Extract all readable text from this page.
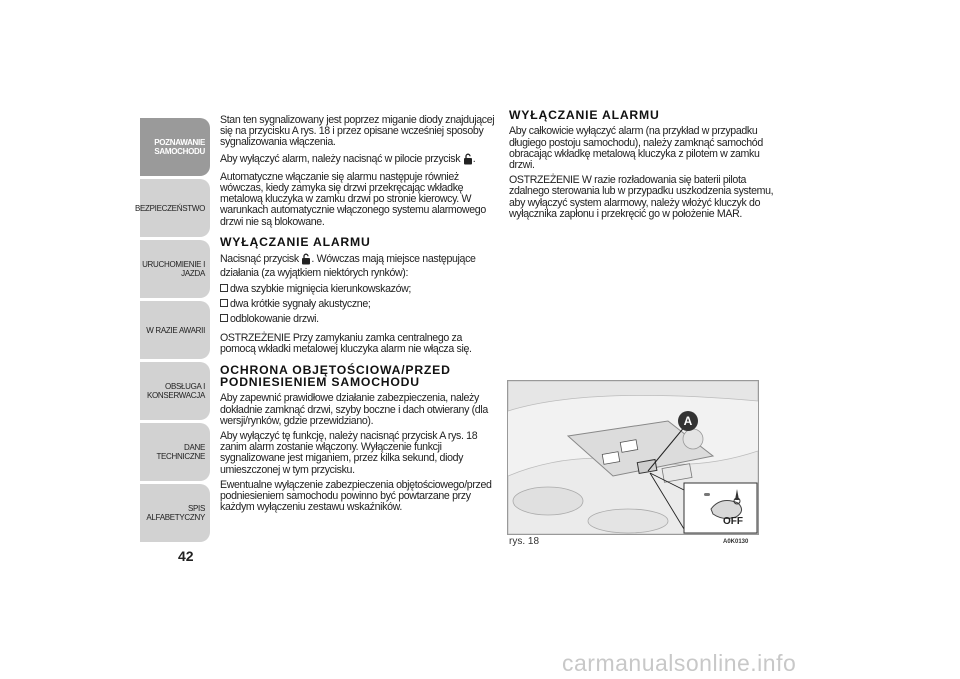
POZNAWANIE SAMOCHODU
BEZPIECZEŃSTWO
URUCHOMIENIE I JAZDA
W RAZIE AWARII
OBSŁUGA I KONSERWACJA
DANE TECHNICZNE
SPIS ALFABETYCZNY
42

Stan ten sygnalizowany jest poprzez miganie diody znajdującej się na przycisku A rys. 18 i przez opisane wcześniej sposoby sygnalizowania włączenia.

Aby wyłączyć alarm, należy nacisnąć w pilocie przycisk .

Automatyczne włączanie się alarmu następuje również wówczas, kiedy zamyka się drzwi przekręcając wkładkę metalową kluczyka w zamku drzwi po stronie kierowcy. W warunkach automatycznie włączonego systemu alarmowego drzwi nie są blokowane.

WYŁĄCZANIE ALARMU

Nacisnąć przycisk . Wówczas mają miejsce następujące działania (za wyjątkiem niektórych rynków):

dwa szybkie mignięcia kierunkowskazów;

dwa krótkie sygnały akustyczne;

odblokowanie drzwi.

OSTRZEŻENIE Przy zamykaniu zamka centralnego za pomocą wkładki metalowej kluczyka alarm nie włącza się.

OCHRONA OBJĘTOŚCIOWA/PRZED PODNIESIENIEM SAMOCHODU

Aby zapewnić prawidłowe działanie zabezpieczenia, należy dokładnie zamknąć drzwi, szyby boczne i dach otwierany (dla wersji/rynków, gdzie przewidziano).

Aby wyłączyć tę funkcję, należy nacisnąć przycisk A rys. 18 zanim alarm zostanie włączony. Wyłączenie funkcji sygnalizowane jest miganiem, przez kilka sekund, diody umieszczonej w tym przycisku.

Ewentualne wyłączenie zabezpieczenia objętościowego/przed podniesieniem samochodu powinno być powtarzane przy każdym wyłączeniu zestawu wskaźników.

WYŁĄCZANIE ALARMU

Aby całkowicie wyłączyć alarm (na przykład w przypadku długiego postoju samochodu), należy zamknąć samochód obracając wkładkę metalową kluczyka z pilotem w zamku drzwi.

OSTRZEŻENIE W razie rozładowania się baterii pilota zdalnego sterowania lub w przypadku uszkodzenia systemu, aby wyłączyć system alarmowy, należy włożyć kluczyk do wyłącznika zapłonu i przekręcić go w położenie MAR.

A
OFF
rys. 18	A0K0130
carmanualsonline.info
